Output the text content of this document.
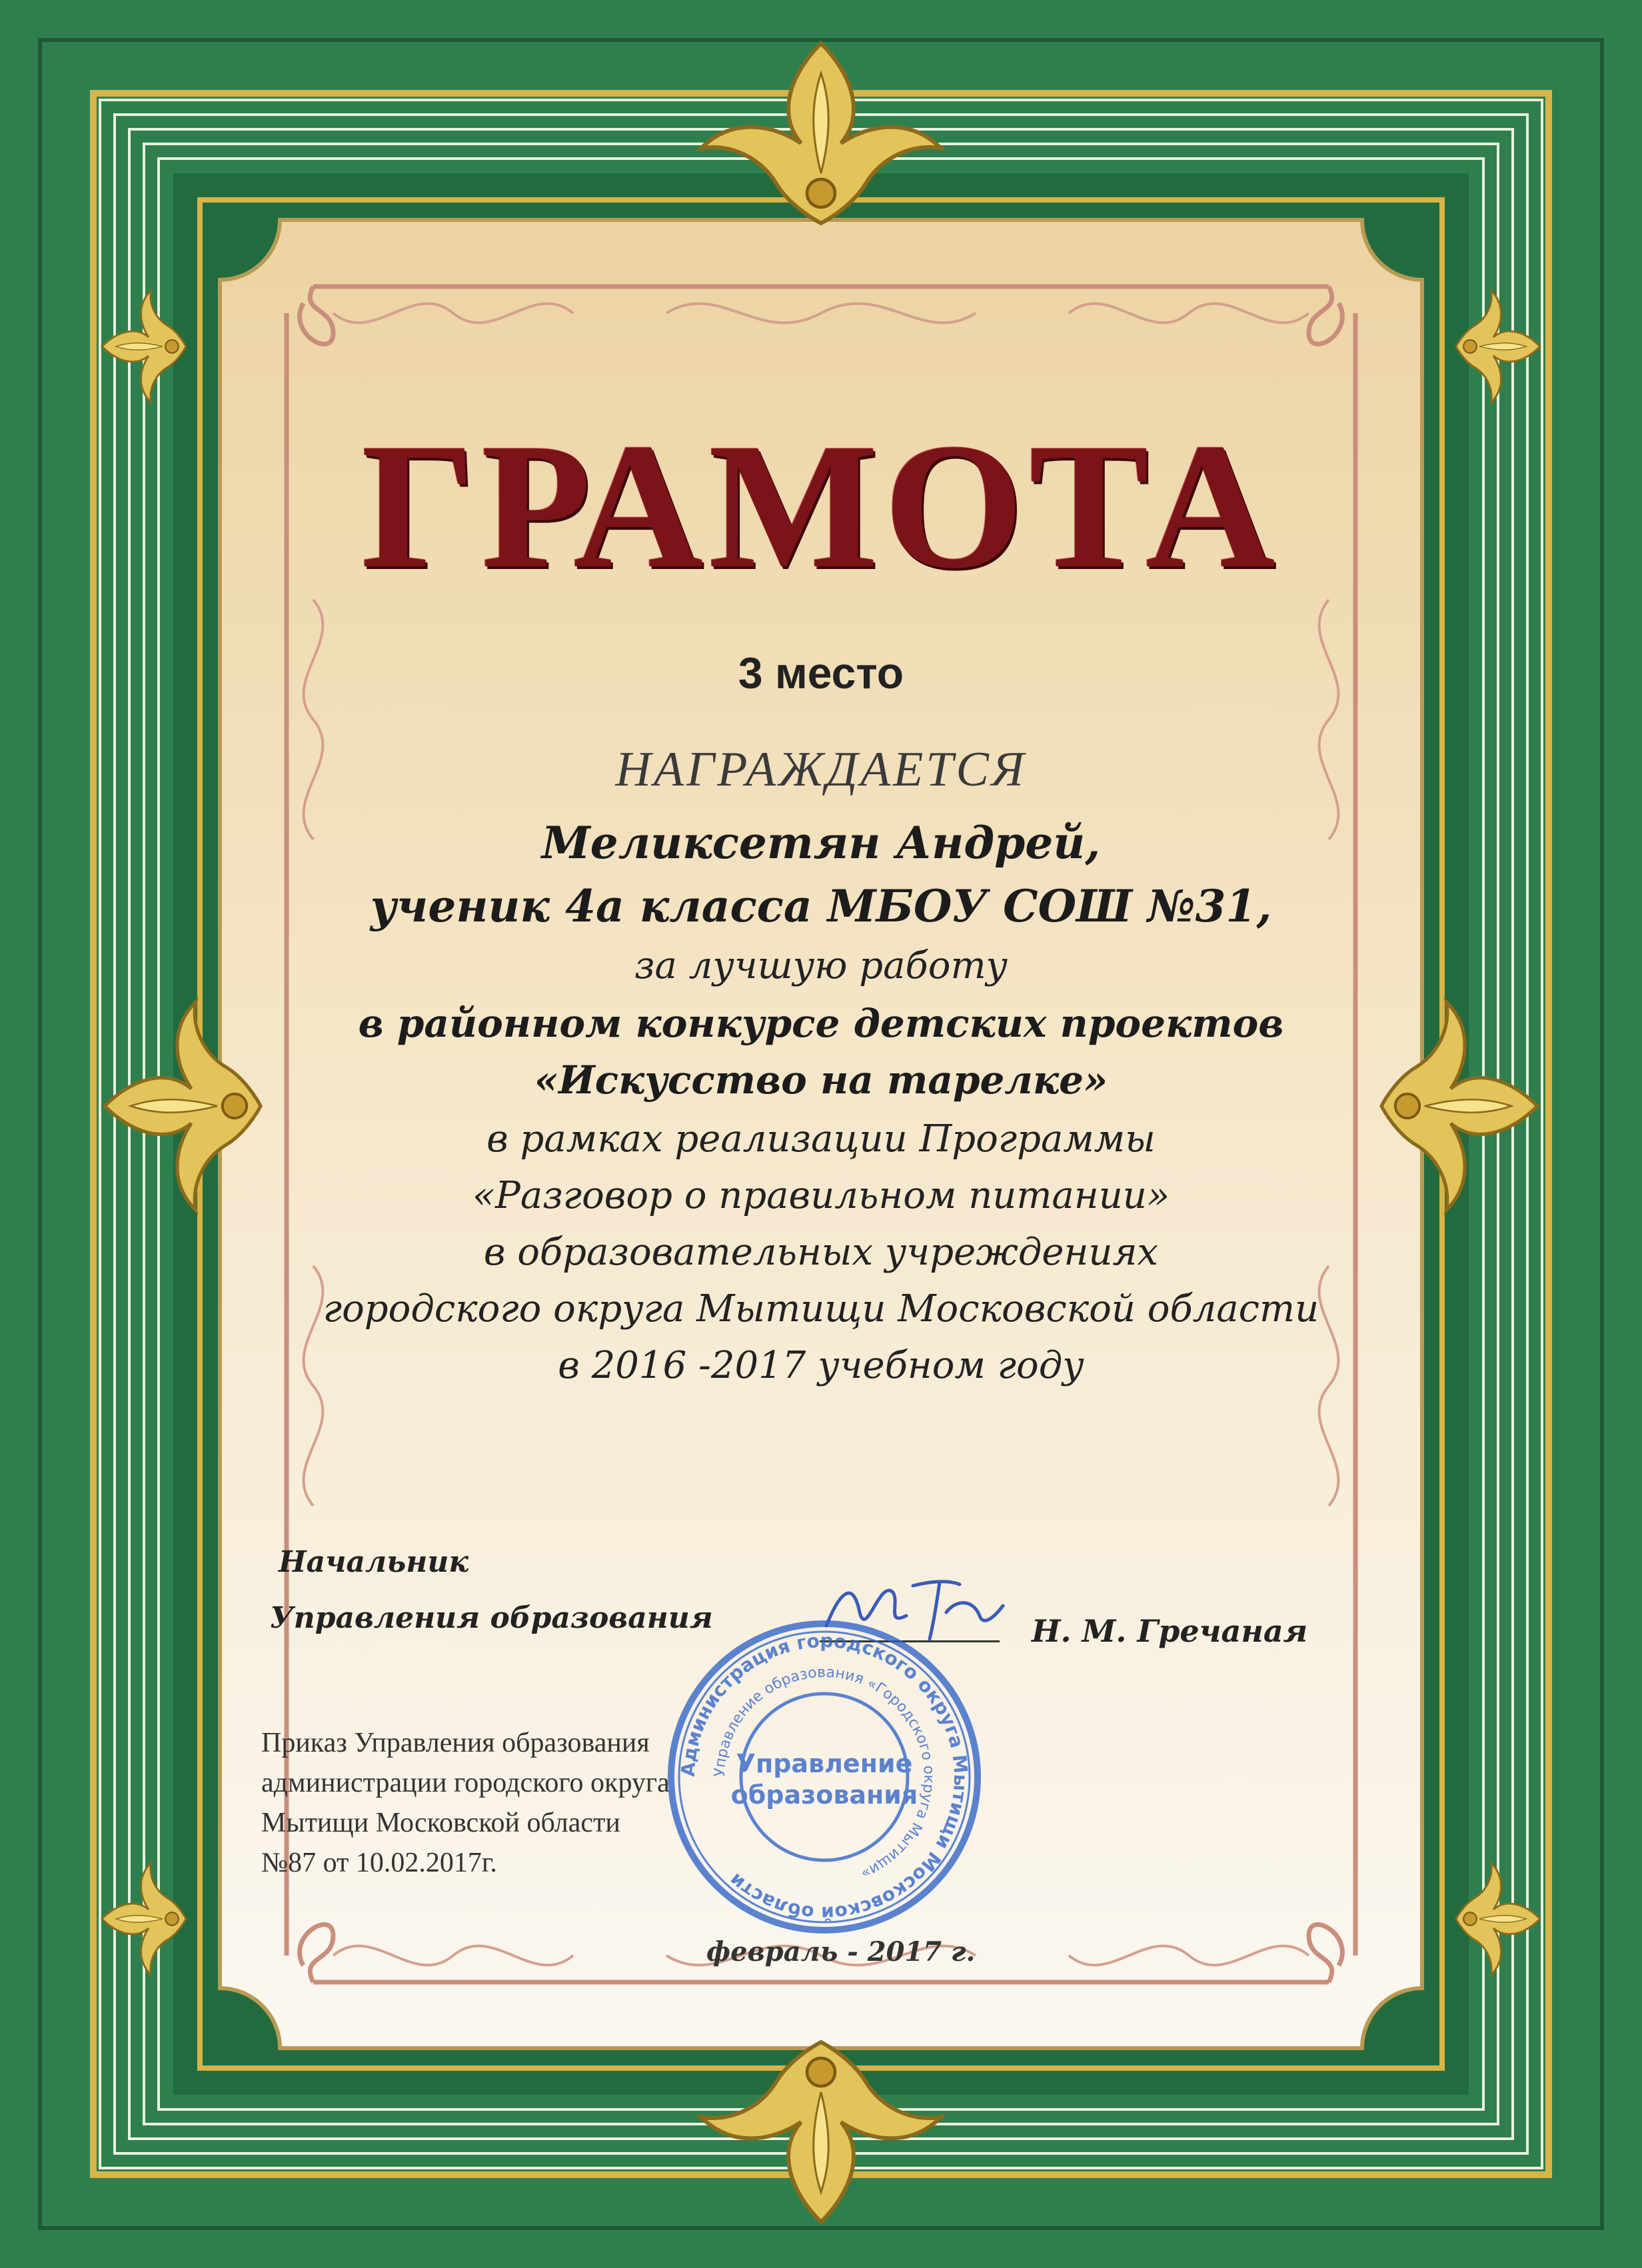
ГРАМОТА

3 место

НАГРАЖДАЕТСЯ

Меликсетян Андрей,

ученик 4а класса МБОУ СОШ №31,

за лучшую работу

в районном конкурсе детских проектов

«Искусство на тарелке»

в рамках реализации Программы

«Разговор о правильном питании»

в образовательных учреждениях

городского округа Мытищи Московской области

в 2016 -2017 учебном году

Начальник

Управления образования	Н. М. Гречаная

Приказ Управления образования

администрации городского округа

Мытищи Московской области

№87 от 10.02.2017г.

февраль - 2017 г.

Администрация городского округа Мытищи Московской области
Управление образования «Городского округа Мытищи»
Управление
образования
